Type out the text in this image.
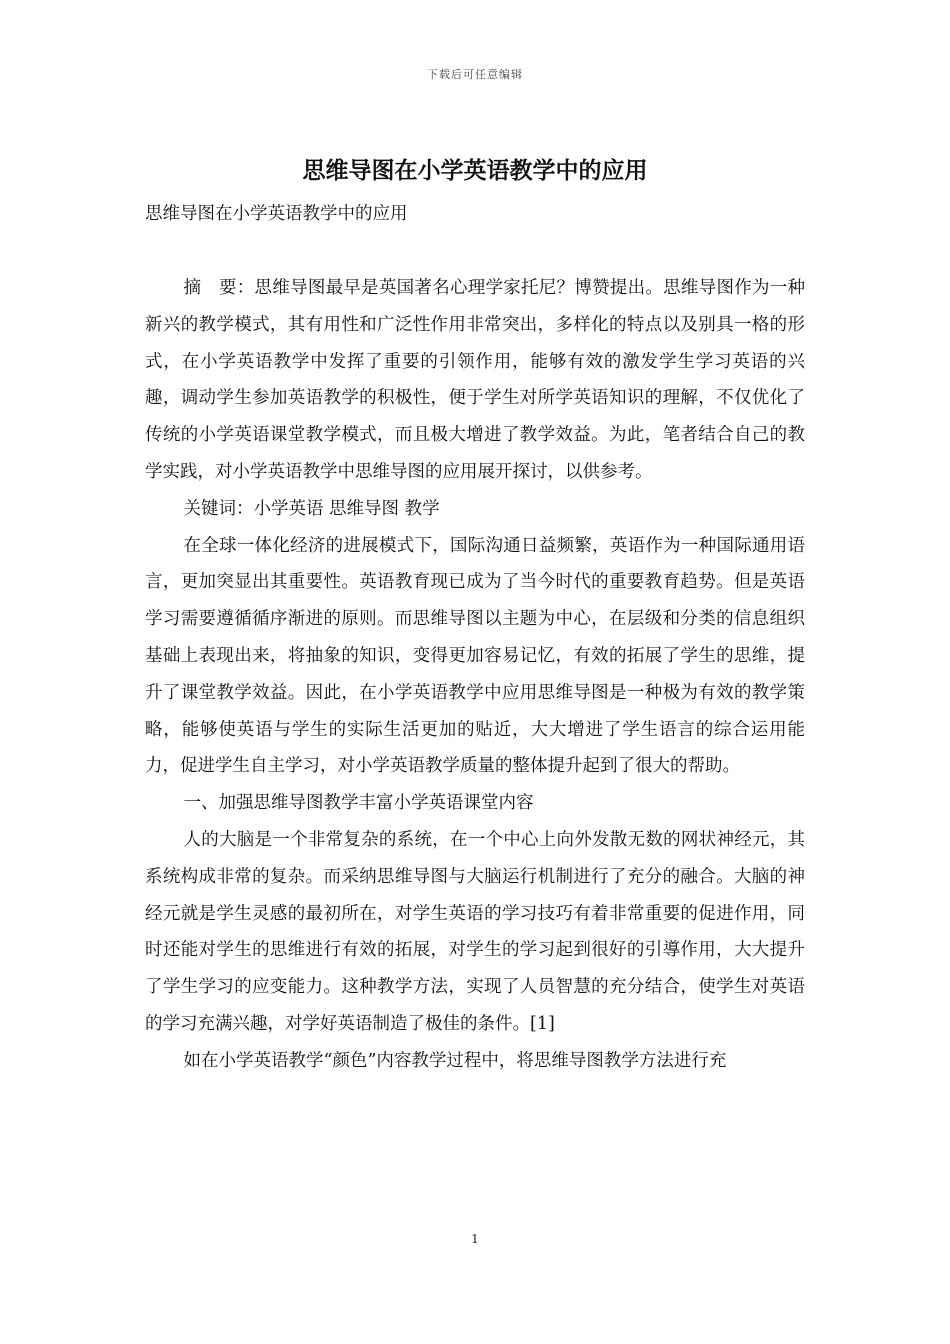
下载后可任意编辑
思维导图在小学英语教学中的应用
思维导图在小学英语教学中的应用

摘　要：思维导图最早是英国著名心理学家托尼？博赞提出。思维导图作为一种新兴的教学模式，其有用性和广泛性作用非常突出，多样化的特点以及别具一格的形式，在小学英语教学中发挥了重要的引领作用，能够有效的激发学生学习英语的兴趣，调动学生参加英语教学的积极性，便于学生对所学英语知识的理解，不仅优化了传统的小学英语课堂教学模式，而且极大增进了教学效益。为此，笔者结合自己的教学实践，对小学英语教学中思维导图的应用展开探讨，以供参考。

关键词：小学英语 思维导图 教学

在全球一体化经济的进展模式下，国际沟通日益频繁，英语作为一种国际通用语言，更加突显出其重要性。英语教育现已成为了当今时代的重要教育趋势。但是英语学习需要遵循循序渐进的原则。而思维导图以主题为中心，在层级和分类的信息组织基础上表现出来，将抽象的知识，变得更加容易记忆，有效的拓展了学生的思维，提升了课堂教学效益。因此，在小学英语教学中应用思维导图是一种极为有效的教学策略，能够使英语与学生的实际生活更加的贴近，大大增进了学生语言的综合运用能力，促进学生自主学习，对小学英语教学质量的整体提升起到了很大的帮助。

一、加强思维导图教学丰富小学英语课堂内容

人的大脑是一个非常复杂的系统，在一个中心上向外发散无数的网状神经元，其系统构成非常的复杂。而采纳思维导图与大脑运行机制进行了充分的融合。大脑的神经元就是学生灵感的最初所在，对学生英语的学习技巧有着非常重要的促进作用，同时还能对学生的思维进行有效的拓展，对学生的学习起到很好的引導作用，大大提升了学生学习的应变能力。这种教学方法，实现了人员智慧的充分结合，使学生对英语的学习充满兴趣，对学好英语制造了极佳的条件。[1]

如在小学英语教学“颜色”内容教学过程中，将思维导图教学方法进行充

1
